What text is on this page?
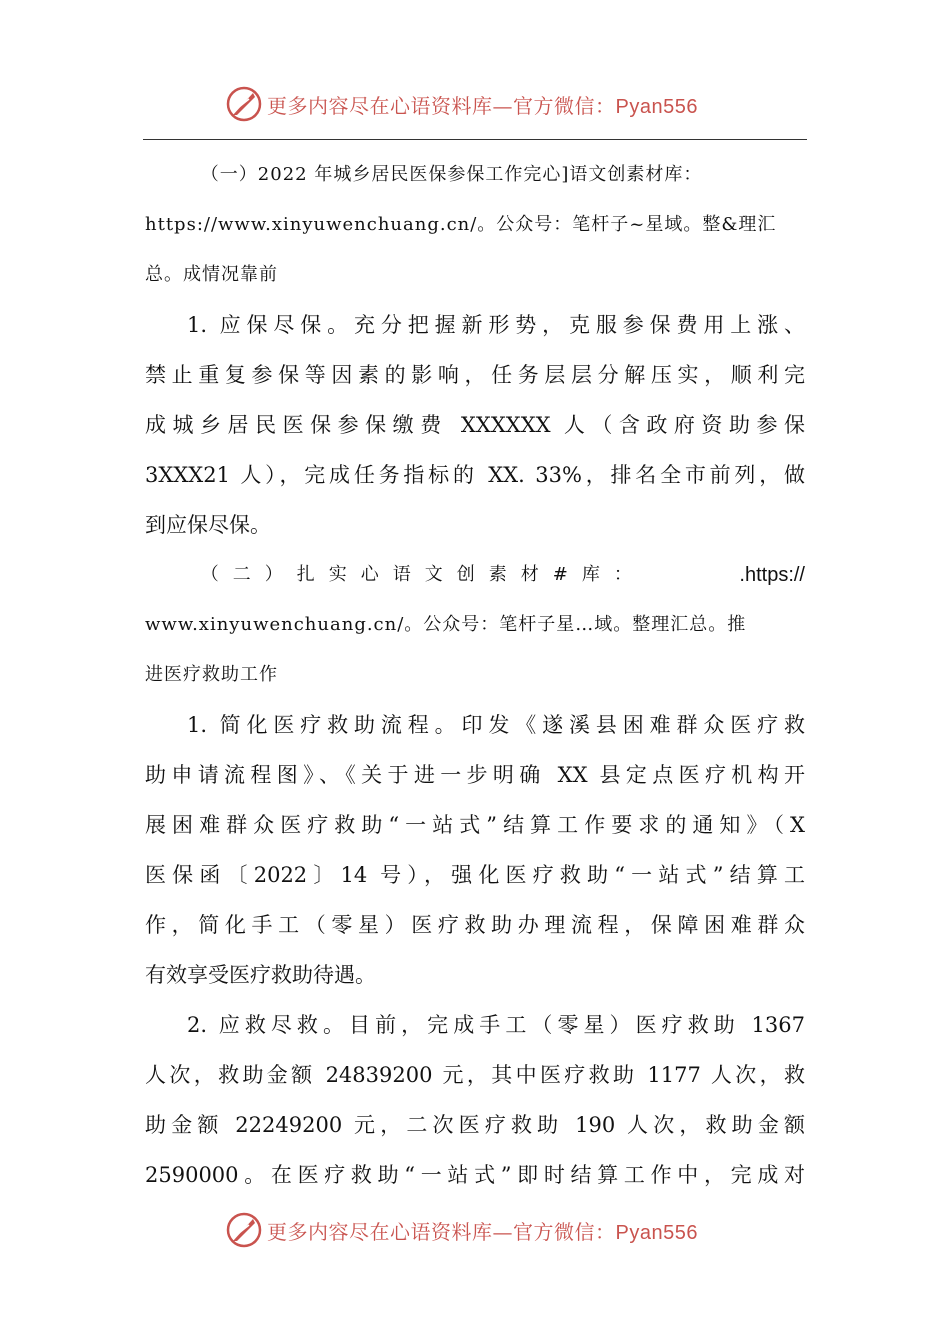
更多内容尽在心语资料库—官方微信：Pyan556
（一）2022 年城乡居民医保参保工作完心]语文创素材库：
https://www.xinyuwenchuang.cn/。公众号：笔杆子~星域。整&理汇
总。成情况靠前
1. 应保尽保。充分把握新形势，克服参保费用上涨、
禁止重复参保等因素的影响，任务层层分解压实，顺利完
成城乡居民医保参保缴费 XXXXXX 人（含政府资助参保
3XXX21 人），完成任务指标的 XX. 33%，排名全市前列，做
到应保尽保。
（二）扎实心语文创素材#库：	.https://
www.xinyuwenchuang.cn/。公众号：笔杆子星…域。整理汇总。推
进医疗救助工作
1. 简化医疗救助流程。印发《遂溪县困难群众医疗救
助申请流程图》、《关于进一步明确 XX 县定点医疗机构开
展困难群众医疗救助“一站式”结算工作要求的通知》（X
医保函〔2022〕14 号），强化医疗救助“一站式”结算工
作，简化手工（零星）医疗救助办理流程，保障困难群众
有效享受医疗救助待遇。
2. 应救尽救。目前，完成手工（零星）医疗救助 1367
人次，救助金额 24839200 元，其中医疗救助 1177 人次，救
助金额 22249200 元，二次医疗救助 190 人次，救助金额
2590000。在医疗救助“一站式”即时结算工作中，完成对
更多内容尽在心语资料库—官方微信：Pyan556
